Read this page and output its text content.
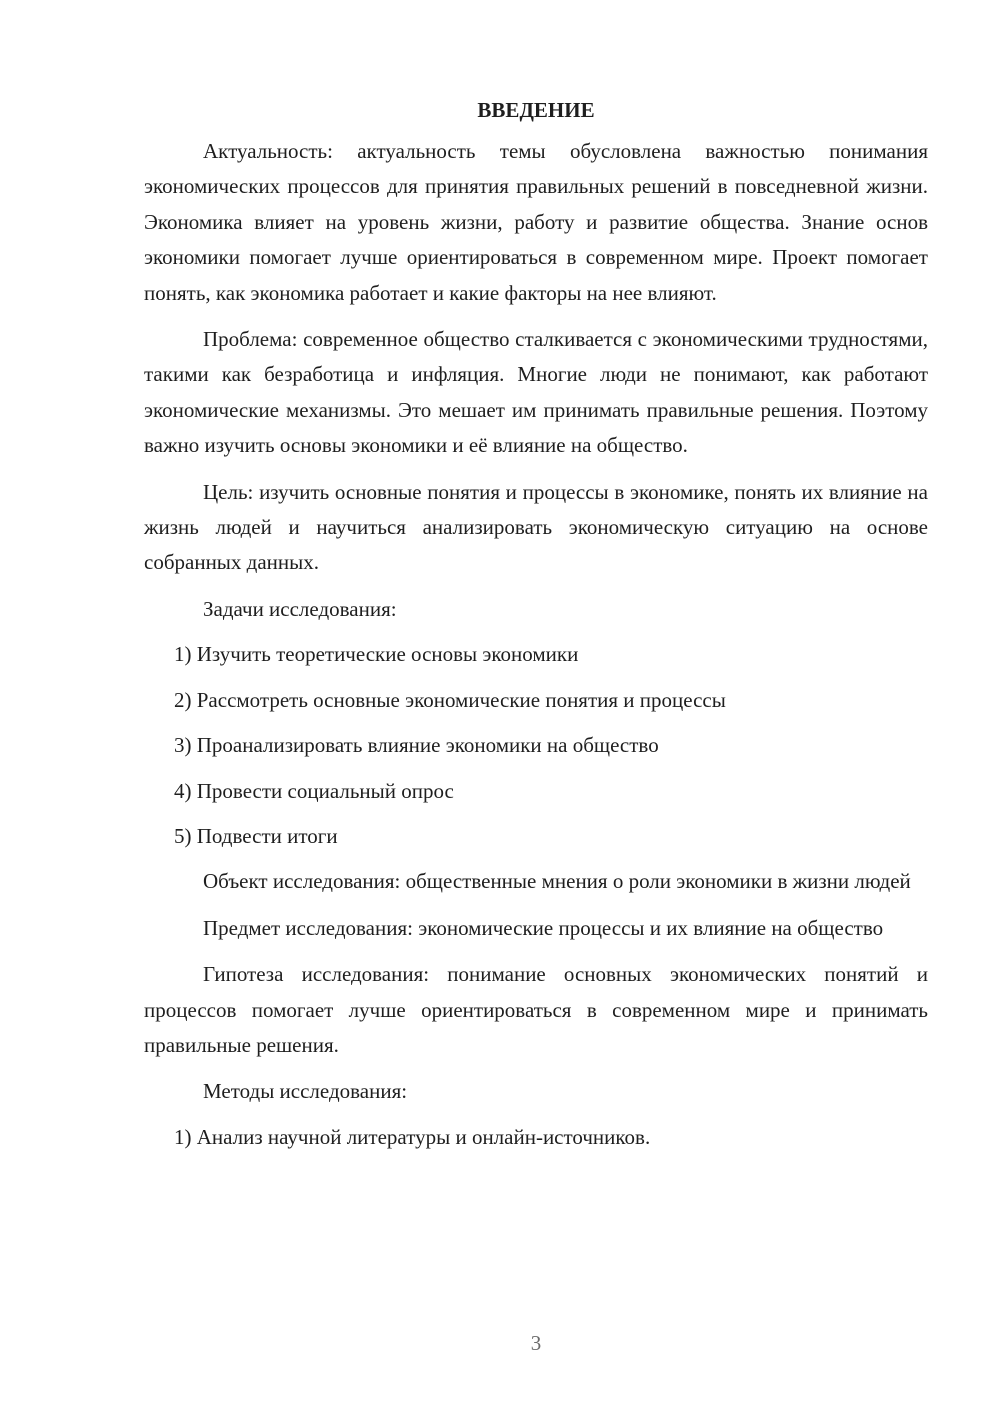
ВВЕДЕНИЕ

Актуальность: актуальность темы обусловлена важностью понимания экономических процессов для принятия правильных решений в повседневной жизни. Экономика влияет на уровень жизни, работу и развитие общества. Знание основ экономики помогает лучше ориентироваться в современном мире. Проект помогает понять, как экономика работает и какие факторы на нее влияют.

Проблема: современное общество сталкивается с экономическими трудностями, такими как безработица и инфляция. Многие люди не понимают, как работают экономические механизмы. Это мешает им принимать правильные решения. Поэтому важно изучить основы экономики и её влияние на общество.

Цель: изучить основные понятия и процессы в экономике, понять их влияние на жизнь людей и научиться анализировать экономическую ситуацию на основе собранных данных.

Задачи исследования:

1) Изучить теоретические основы экономики

2) Рассмотреть основные экономические понятия и процессы

3) Проанализировать влияние экономики на общество

4) Провести социальный опрос

5) Подвести итоги

Объект исследования: общественные мнения о роли экономики в жизни людей

Предмет исследования: экономические процессы и их влияние на общество

Гипотеза исследования: понимание основных экономических понятий и процессов помогает лучше ориентироваться в современном мире и принимать правильные решения.

Методы исследования:

1) Анализ научной литературы и онлайн-источников.

3
